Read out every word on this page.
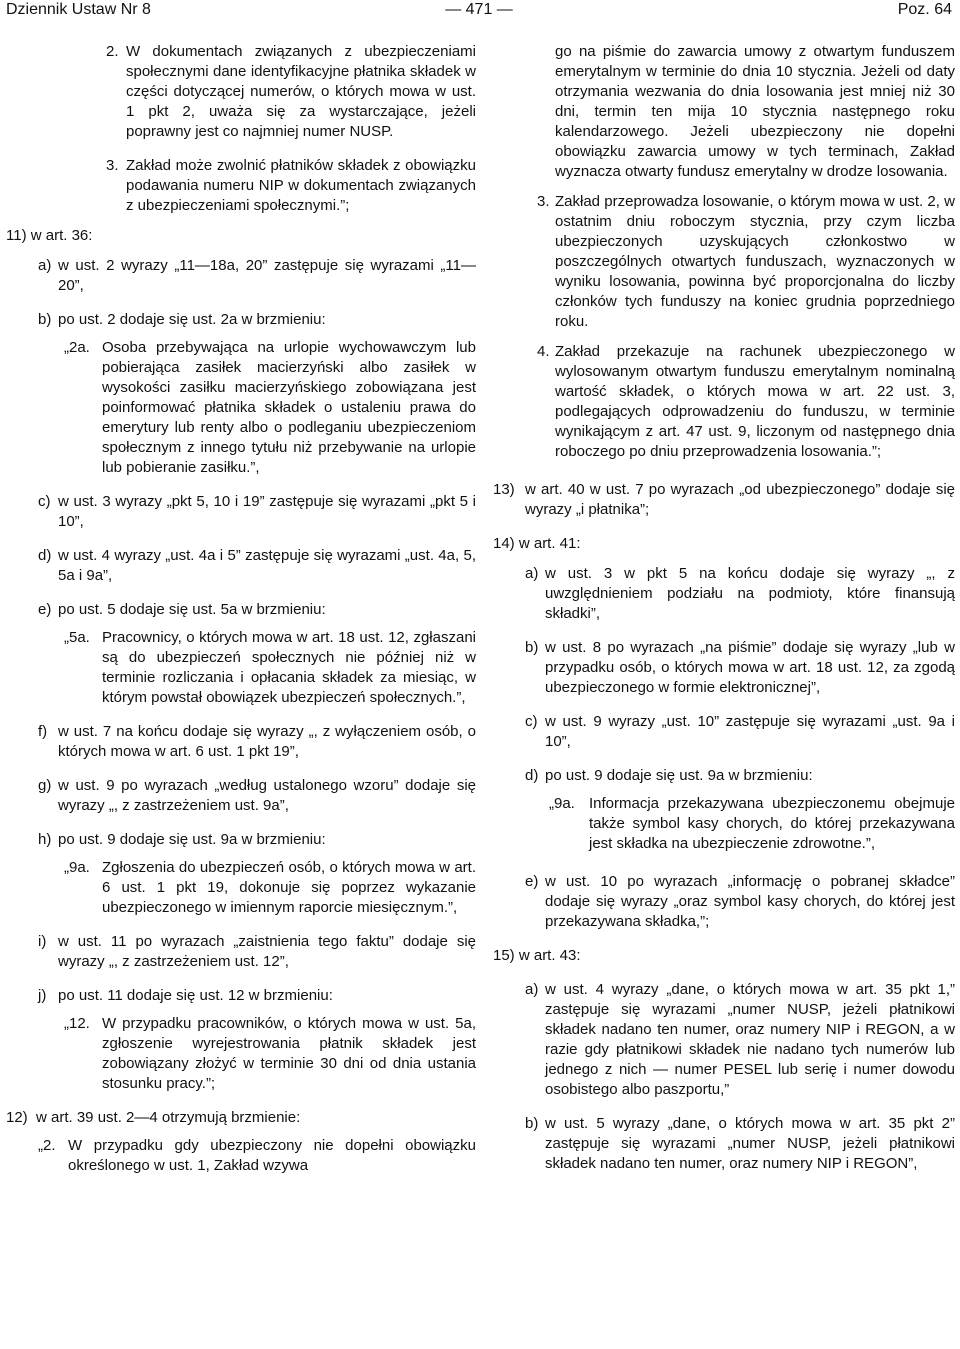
Dziennik Ustaw Nr 8	— 471 —	Poz. 64
2. W dokumentach związanych z ubezpieczeniami społecznymi dane identyfikacyjne płatnika składek w części dotyczącej numerów, o których mowa w ust. 1 pkt 2, uważa się za wystarczające, jeżeli poprawny jest co najmniej numer NUSP.
3. Zakład może zwolnić płatników składek z obowiązku podawania numeru NIP w dokumentach związanych z ubezpieczeniami społecznymi.”;
11) w art. 36:
a) w ust. 2 wyrazy „11—18a, 20” zastępuje się wyrazami „11—20”,
b) po ust. 2 dodaje się ust. 2a w brzmieniu:
„2a. Osoba przebywająca na urlopie wychowawczym lub pobierająca zasiłek macierzyński albo zasiłek w wysokości zasiłku macierzyńskiego zobowiązana jest poinformować płatnika składek o ustaleniu prawa do emerytury lub renty albo o podleganiu ubezpieczeniom społecznym z innego tytułu niż przebywanie na urlopie lub pobieranie zasiłku.”,
c) w ust. 3 wyrazy „pkt 5, 10 i 19” zastępuje się wyrazami „pkt 5 i 10”,
d) w ust. 4 wyrazy „ust. 4a i 5” zastępuje się wyrazami „ust. 4a, 5, 5a i 9a”,
e) po ust. 5 dodaje się ust. 5a w brzmieniu:
„5a. Pracownicy, o których mowa w art. 18 ust. 12, zgłaszani są do ubezpieczeń społecznych nie później niż w terminie rozliczania i opłacania składek za miesiąc, w którym powstał obowiązek ubezpieczeń społecznych.”,
f) w ust. 7 na końcu dodaje się wyrazy „, z wyłączeniem osób, o których mowa w art. 6 ust. 1 pkt 19”,
g) w ust. 9 po wyrazach „według ustalonego wzoru” dodaje się wyrazy „, z zastrzeżeniem ust. 9a”,
h) po ust. 9 dodaje się ust. 9a w brzmieniu:
„9a. Zgłoszenia do ubezpieczeń osób, o których mowa w art. 6 ust. 1 pkt 19, dokonuje się poprzez wykazanie ubezpieczonego w imiennym raporcie miesięcznym.”,
i) w ust. 11 po wyrazach „zaistnienia tego faktu” dodaje się wyrazy „, z zastrzeżeniem ust. 12”,
j) po ust. 11 dodaje się ust. 12 w brzmieniu:
„12. W przypadku pracowników, o których mowa w ust. 5a, zgłoszenie wyrejestrowania płatnik składek jest zobowiązany złożyć w terminie 30 dni od dnia ustania stosunku pracy.”;
12) w art. 39 ust. 2—4 otrzymują brzmienie:
„2. W przypadku gdy ubezpieczony nie dopełni obowiązku określonego w ust. 1, Zakład wzywa
go na piśmie do zawarcia umowy z otwartym funduszem emerytalnym w terminie do dnia 10 stycznia. Jeżeli od daty otrzymania wezwania do dnia losowania jest mniej niż 30 dni, termin ten mija 10 stycznia następnego roku kalendarzowego. Jeżeli ubezpieczony nie dopełni obowiązku zawarcia umowy w tych terminach, Zakład wyznacza otwarty fundusz emerytalny w drodze losowania.
3. Zakład przeprowadza losowanie, o którym mowa w ust. 2, w ostatnim dniu roboczym stycznia, przy czym liczba ubezpieczonych uzyskujących członkostwo w poszczególnych otwartych funduszach, wyznaczonych w wyniku losowania, powinna być proporcjonalna do liczby członków tych funduszy na koniec grudnia poprzedniego roku.
4. Zakład przekazuje na rachunek ubezpieczonego w wylosowanym otwartym funduszu emerytalnym nominalną wartość składek, o których mowa w art. 22 ust. 3, podlegających odprowadzeniu do funduszu, w terminie wynikającym z art. 47 ust. 9, liczonym od następnego dnia roboczego po dniu przeprowadzenia losowania.”;
13) w art. 40 w ust. 7 po wyrazach „od ubezpieczonego” dodaje się wyrazy „i płatnika”;
14) w art. 41:
a) w ust. 3 w pkt 5 na końcu dodaje się wyrazy „, z uwzględnieniem podziału na podmioty, które finansują składki”,
b) w ust. 8 po wyrazach „na piśmie” dodaje się wyrazy „lub w przypadku osób, o których mowa w art. 18 ust. 12, za zgodą ubezpieczonego w formie elektronicznej”,
c) w ust. 9 wyrazy „ust. 10” zastępuje się wyrazami „ust. 9a i 10”,
d) po ust. 9 dodaje się ust. 9a w brzmieniu:
„9a. Informacja przekazywana ubezpieczonemu obejmuje także symbol kasy chorych, do której przekazywana jest składka na ubezpieczenie zdrowotne.”,
e) w ust. 10 po wyrazach „informację o pobranej składce” dodaje się wyrazy „oraz symbol kasy chorych, do której jest przekazywana składka,”;
15) w art. 43:
a) w ust. 4 wyrazy „dane, o których mowa w art. 35 pkt 1,” zastępuje się wyrazami „numer NUSP, jeżeli płatnikowi składek nadano ten numer, oraz numery NIP i REGON, a w razie gdy płatnikowi składek nie nadano tych numerów lub jednego z nich — numer PESEL lub serię i numer dowodu osobistego albo paszportu,”
b) w ust. 5 wyrazy „dane, o których mowa w art. 35 pkt 2” zastępuje się wyrazami „numer NUSP, jeżeli płatnikowi składek nadano ten numer, oraz numery NIP i REGON”,
